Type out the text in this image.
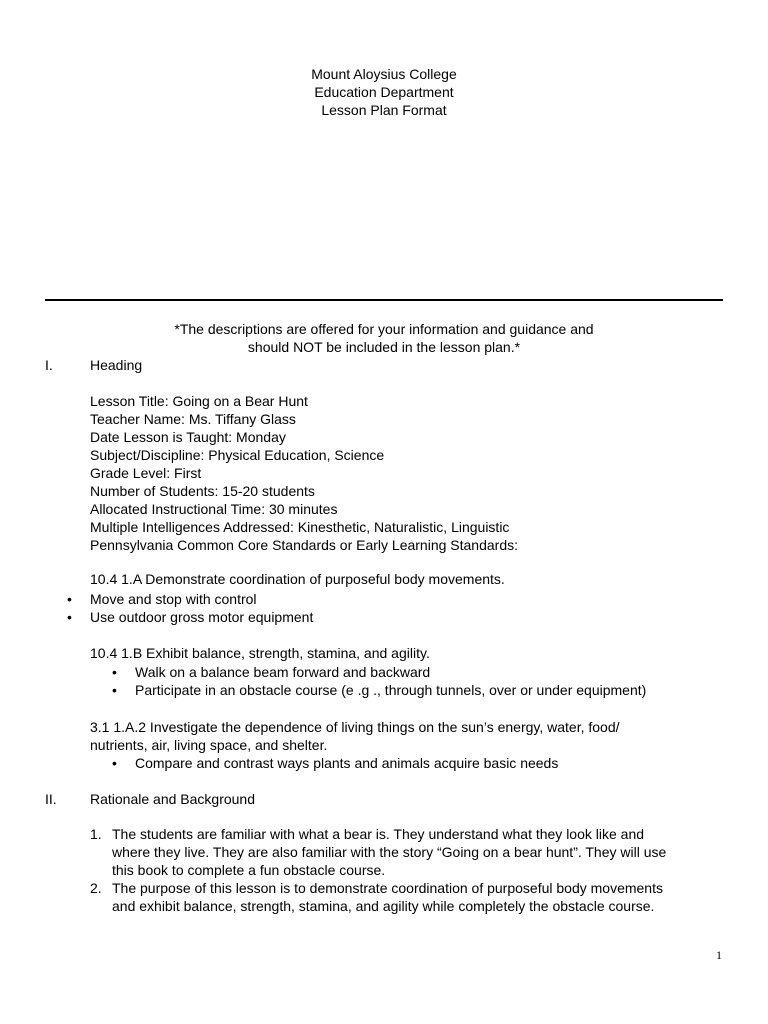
Mount Aloysius College
Education Department
Lesson Plan Format
*The descriptions are offered for your information and guidance and
should NOT be included in the lesson plan.*
I.	Heading
Lesson Title: Going on a Bear Hunt
Teacher Name: Ms. Tiffany Glass
Date Lesson is Taught: Monday
Subject/Discipline: Physical Education, Science
Grade Level: First
Number of Students: 15-20 students
Allocated Instructional Time: 30 minutes
Multiple Intelligences Addressed: Kinesthetic, Naturalistic, Linguistic
Pennsylvania Common Core Standards or Early Learning Standards:
10.4 1.A Demonstrate coordination of purposeful body movements.
• Move and stop with control
• Use outdoor gross motor equipment
10.4 1.B Exhibit balance, strength, stamina, and agility.
• Walk on a balance beam forward and backward
• Participate in an obstacle course (e .g ., through tunnels, over or under equipment)
3.1 1.A.2 Investigate the dependence of living things on the sun’s energy, water, food/
nutrients, air, living space, and shelter.
• Compare and contrast ways plants and animals acquire basic needs
II. Rationale and Background
1. The students are familiar with what a bear is. They understand what they look like and
where they live. They are also familiar with the story “Going on a bear hunt”. They will use
this book to complete a fun obstacle course.
2. The purpose of this lesson is to demonstrate coordination of purposeful body movements
and exhibit balance, strength, stamina, and agility while completely the obstacle course.
1
